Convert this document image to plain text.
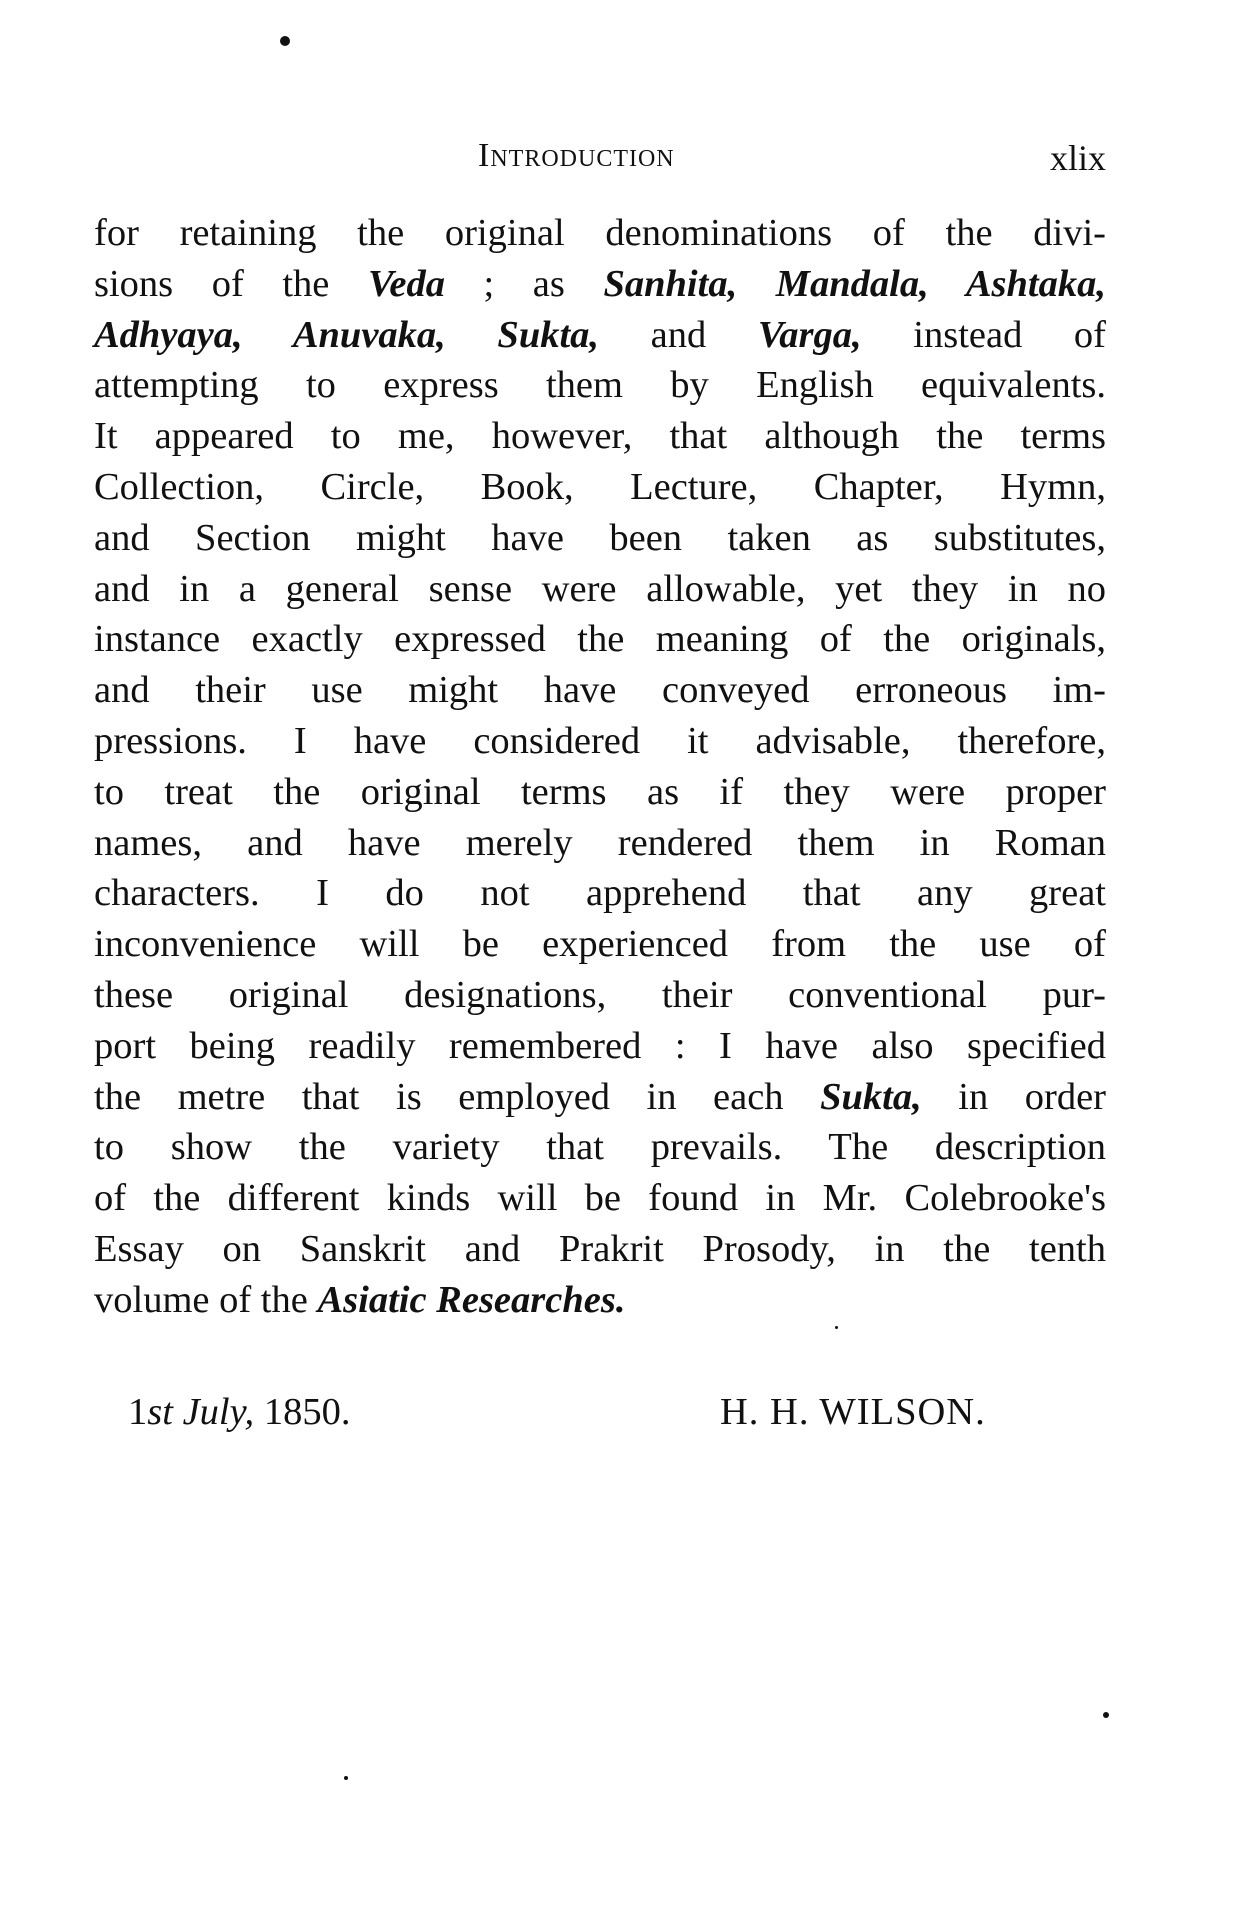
Introduction	xlix

for retaining the original denominations of the divi-
sions of the Veda ; as Sanhita, Mandala, Ashtaka,
Adhyaya, Anuvaka, Sukta, and Varga, instead of
attempting to express them by English equivalents.
It appeared to me, however, that although the terms
Collection, Circle, Book, Lecture, Chapter, Hymn,
and Section might have been taken as substitutes,
and in a general sense were allowable, yet they in no
instance exactly expressed the meaning of the originals,
and their use might have conveyed erroneous im-
pressions. I have considered it advisable, therefore,
to treat the original terms as if they were proper
names, and have merely rendered them in Roman
characters. I do not apprehend that any great
inconvenience will be experienced from the use of
these original designations, their conventional pur-
port being readily remembered : I have also specified
the metre that is employed in each Sukta, in order
to show the variety that prevails. The description
of the different kinds will be found in Mr. Colebrooke's
Essay on Sanskrit and Prakrit Prosody, in the tenth
volume of the Asiatic Researches.

1st July, 1850.	H. H. WILSON.
